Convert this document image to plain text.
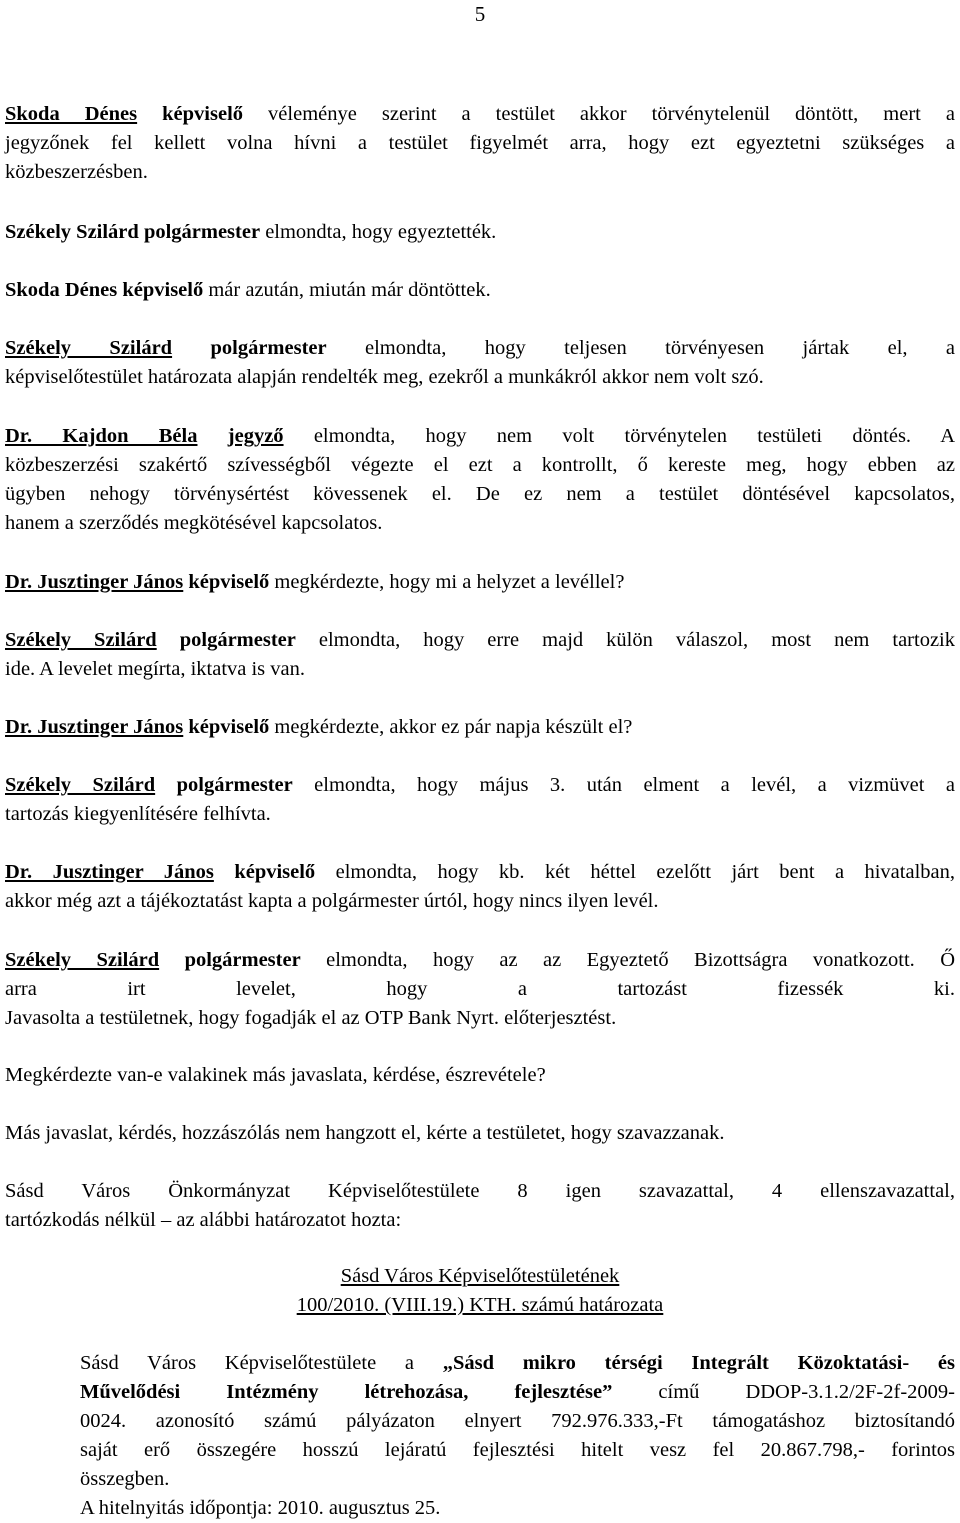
5
Skoda Dénes képviselő véleménye szerint a testület akkor törvénytelenül döntött, mert a
jegyzőnek fel kellett volna hívni a testület figyelmét arra, hogy ezt egyeztetni szükséges a
közbeszerzésben.
Székely Szilárd polgármester elmondta, hogy egyeztették.
Skoda Dénes képviselő már azután, miután már döntöttek.
Székely Szilárd polgármester elmondta, hogy teljesen törvényesen jártak el, a
képviselőtestület határozata alapján rendelték meg, ezekről a munkákról akkor nem volt szó.
Dr. Kajdon Béla jegyző elmondta, hogy nem volt törvénytelen testületi döntés. A
közbeszerzési szakértő szívességből végezte el ezt a kontrollt, ő kereste meg, hogy ebben az
ügyben nehogy törvénysértést kövessenek el. De ez nem a testület döntésével kapcsolatos,
hanem a szerződés megkötésével kapcsolatos.
Dr. Jusztinger János képviselő megkérdezte, hogy mi a helyzet a levéllel?
Székely Szilárd polgármester elmondta, hogy erre majd külön válaszol, most nem tartozik
ide. A levelet megírta, iktatva is van.
Dr. Jusztinger János képviselő megkérdezte, akkor ez pár napja készült el?
Székely Szilárd polgármester elmondta, hogy május 3. után elment a levél, a vizmüvet a
tartozás kiegyenlítésére felhívta.
Dr. Jusztinger János képviselő elmondta, hogy kb. két héttel ezelőtt járt bent a hivatalban,
akkor még azt a tájékoztatást kapta a polgármester úrtól, hogy nincs ilyen levél.
Székely Szilárd polgármester elmondta, hogy az az Egyeztető Bizottságra vonatkozott. Ő
arra irt levelet, hogy a tartozást fizessék ki.
Javasolta a testületnek, hogy fogadják el az OTP Bank Nyrt. előterjesztést.
Megkérdezte van-e valakinek más javaslata, kérdése, észrevétele?
Más javaslat, kérdés, hozzászólás nem hangzott el, kérte a testületet, hogy szavazzanak.
Sásd Város Önkormányzat Képviselőtestülete 8 igen szavazattal, 4 ellenszavazattal,
tartózkodás nélkül – az alábbi határozatot hozta:
Sásd Város Képviselőtestületének
100/2010. (VIII.19.) KTH. számú határozata
Sásd Város Képviselőtestülete a „Sásd mikro térségi Integrált Közoktatási- és
Művelődési Intézmény létrehozása, fejlesztése” című DDOP-3.1.2/2F-2f-2009-
0024. azonosító számú pályázaton elnyert 792.976.333,-Ft támogatáshoz biztosítandó
saját erő összegére hosszú lejáratú fejlesztési hitelt vesz fel 20.867.798,- forintos
összegben.
A hitelnyitás időpontja: 2010. augusztus 25.
